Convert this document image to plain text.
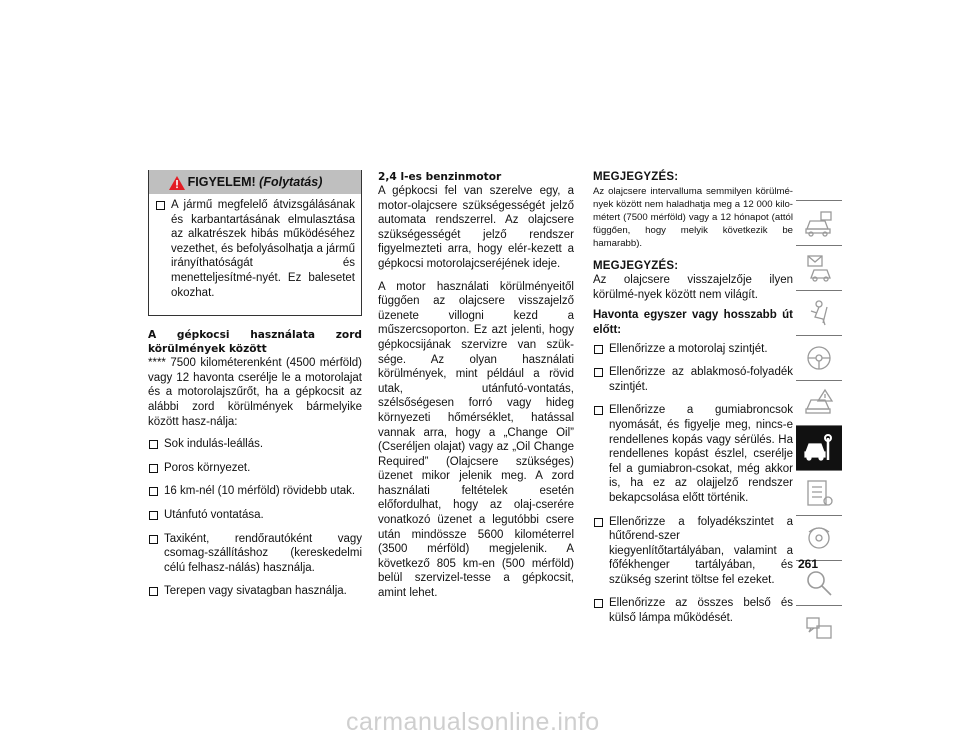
FIGYELEM! (Folytatás)
A jármű megfelelő átvizsgálásának és karbantartásának elmulasztása az alkatrészek hibás működéséhez vezethet, és befolyásolhatja a jármű irányíthatóságát és menetteljesítmé-nyét. Ez balesetet okozhat.

A gépkocsi használata zord körülmények között

**** 7500 kilométerenként (4500 mérföld) vagy 12 havonta cserélje le a motorolajat és a motorolajszűrőt, ha a gépkocsit az alábbi zord körülmények bármelyike között hasz-nálja:

Sok indulás-leállás.
Poros környezet.
16 km-nél (10 mérföld) rövidebb utak.
Utánfutó vontatása.
Taxiként, rendőrautóként vagy csomag-szállításhoz (kereskedelmi célú felhasz-nálás) használja.
Terepen vagy sivatagban használja.

2,4 l-es benzinmotor

A gépkocsi fel van szerelve egy, a motor-olajcsere szükségességét jelző automata rendszerrel. Az olajcsere szükségességét jelző rendszer figyelmezteti arra, hogy elér-kezett a gépkocsi motorolajcseréjének ideje.

A motor használati körülményeitől függően az olajcsere visszajelző üzenete villogni kezd a műszercsoporton. Ez azt jelenti, hogy gépkocsijának szervizre van szük-sége. Az olyan használati körülmények, mint például a rövid utak, utánfutó-vontatás, szélsőségesen forró vagy hideg környezeti hőmérséklet, hatással vannak arra, hogy a „Change Oil” (Cseréljen olajat) vagy az „Oil Change Required” (Olajcsere szükséges) üzenet mikor jelenik meg. A zord használati feltételek esetén előfordulhat, hogy az olaj-cserére vonatkozó üzenet a legutóbbi csere után mindössze 5600 kilométerrel (3500 mérföld) megjelenik. A következő 805 km-en (500 mérföld) belül szervizel-tesse a gépkocsit, amint lehet.

MEGJEGYZÉS:

Az olajcsere intervalluma semmilyen körülmé-nyek között nem haladhatja meg a 12 000 kilo-métert (7500 mérföld) vagy a 12 hónapot (attól függően, hogy melyik következik be hamarabb).

MEGJEGYZÉS:

Az olajcsere visszajelzője ilyen körülmé-nyek között nem világít.

Havonta egyszer vagy hosszabb út előtt:

Ellenőrizze a motorolaj szintjét.
Ellenőrizze az ablakmosó-folyadék szintjét.
Ellenőrizze a gumiabroncsok nyomását, és figyelje meg, nincs-e rendellenes kopás vagy sérülés. Ha rendellenes kopást észlel, cserélje fel a gumiabron-csokat, még akkor is, ha ez az olajjelző rendszer bekapcsolása előtt történik.
Ellenőrizze a folyadékszintet a hűtőrend-szer kiegyenlítőtartályában, valamint a főfékhenger tartályában, és szükség szerint töltse fel ezeket.
Ellenőrizze az összes belső és külső lámpa működését.
261
carmanualsonline.info
